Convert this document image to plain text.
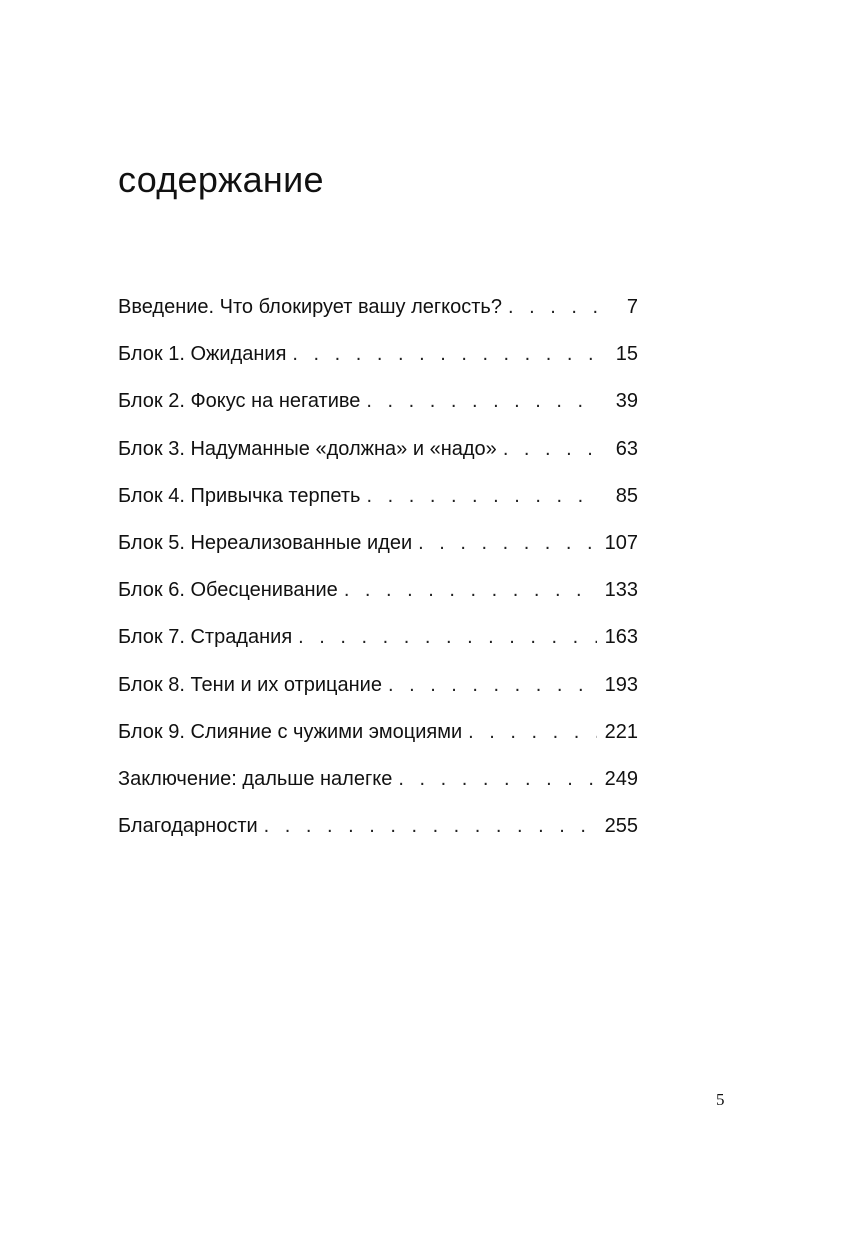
содержание
Введение. Что блокирует вашу легкость? . . .	7
Блок 1. Ожидания . . .	15
Блок 2. Фокус на негативе . . .	39
Блок 3. Надуманные «должна» и «надо» . . .	63
Блок 4. Привычка терпеть . . .	85
Блок 5. Нереализованные идеи . . .	107
Блок 6. Обесценивание . . .	133
Блок 7. Страдания . . .	163
Блок 8. Тени и их отрицание . . .	193
Блок 9. Слияние с чужими эмоциями . . .	221
Заключение: дальше налегке . . .	249
Благодарности . . .	255
5
